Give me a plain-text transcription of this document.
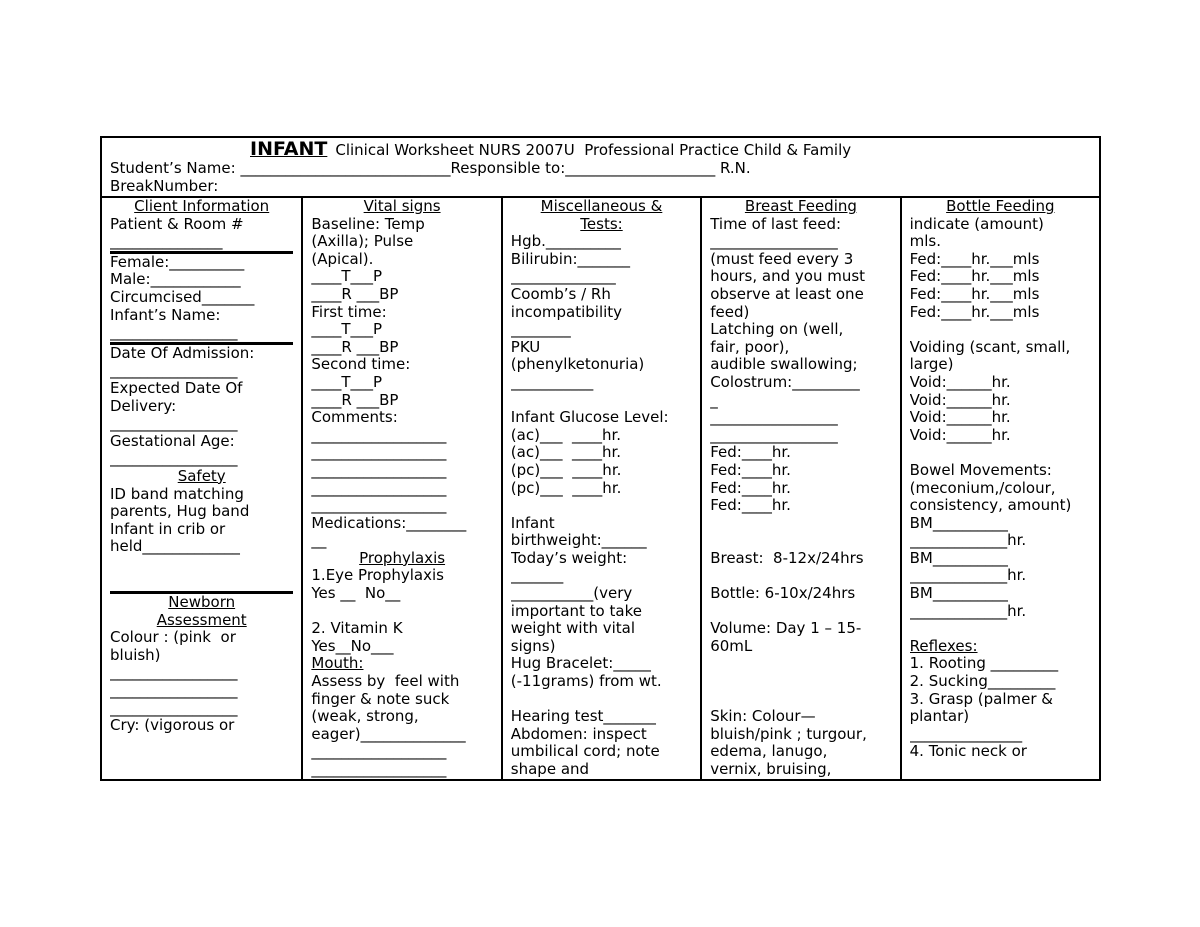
INFANT Clinical Worksheet NURS 2007U  Professional Practice Child & Family
Student’s Name: ____________________________Responsible to:____________________ R.N.
BreakNumber:
Client Information
Patient & Room #
_______________
Female:__________
Male:____________
Circumcised_______
Infant’s Name:
_________________
Date Of Admission:
_________________
Expected Date Of
Delivery:
_________________
Gestational Age:
_________________
Safety
ID band matching
parents, Hug band
Infant in crib or
held_____________
Newborn
Assessment
Colour : (pink  or
bluish)
_________________
_________________
_________________
Cry: (vigorous or
Vital signs
Baseline: Temp
(Axilla); Pulse
(Apical).
____T___P
____R ___BP
First time:
____T___P
____R ___BP
Second time:
____T___P
____R ___BP
Comments:
__________________
__________________
__________________
__________________
__________________
Medications:________
__
Prophylaxis
1.Eye Prophylaxis
Yes __  No__
2. Vitamin K
Yes__No___
Mouth:
Assess by  feel with
finger & note suck
(weak, strong,
eager)______________
__________________
__________________
Miscellaneous &
Tests:
Hgb.__________
Bilirubin:_______
______________
Coomb’s / Rh
incompatibility
________
PKU
(phenylketonuria)
___________
Infant Glucose Level:
(ac)___  ____hr.
(ac)___  ____hr.
(pc)___  ____hr.
(pc)___  ____hr.
Infant
birthweight:______
Today’s weight:
_______
___________(very
important to take
weight with vital
signs)
Hug Bracelet:_____
(-11grams) from wt.
Hearing test_______
Abdomen: inspect
umbilical cord; note
shape and
Breast Feeding
Time of last feed:
_________________
(must feed every 3
hours, and you must
observe at least one
feed)
Latching on (well,
fair, poor),
audible swallowing;
Colostrum:_________
_
_________________
_________________
Fed:____hr.
Fed:____hr.
Fed:____hr.
Fed:____hr.
Breast:  8-12x/24hrs
Bottle: 6-10x/24hrs
Volume: Day 1 – 15-
60mL
Skin: Colour—
bluish/pink ; turgour,
edema, lanugo,
vernix, bruising,
Bottle Feeding
indicate (amount)
mls.
Fed:____hr.___mls
Fed:____hr.___mls
Fed:____hr.___mls
Fed:____hr.___mls
Voiding (scant, small,
large)
Void:______hr.
Void:______hr.
Void:______hr.
Void:______hr.
Bowel Movements:
(meconium,/colour,
consistency, amount)
BM__________
_____________hr.
BM__________
_____________hr.
BM__________
_____________hr.
Reflexes:
1. Rooting _________
2. Sucking_________
3. Grasp (palmer &
plantar)
_______________
4. Tonic neck or
